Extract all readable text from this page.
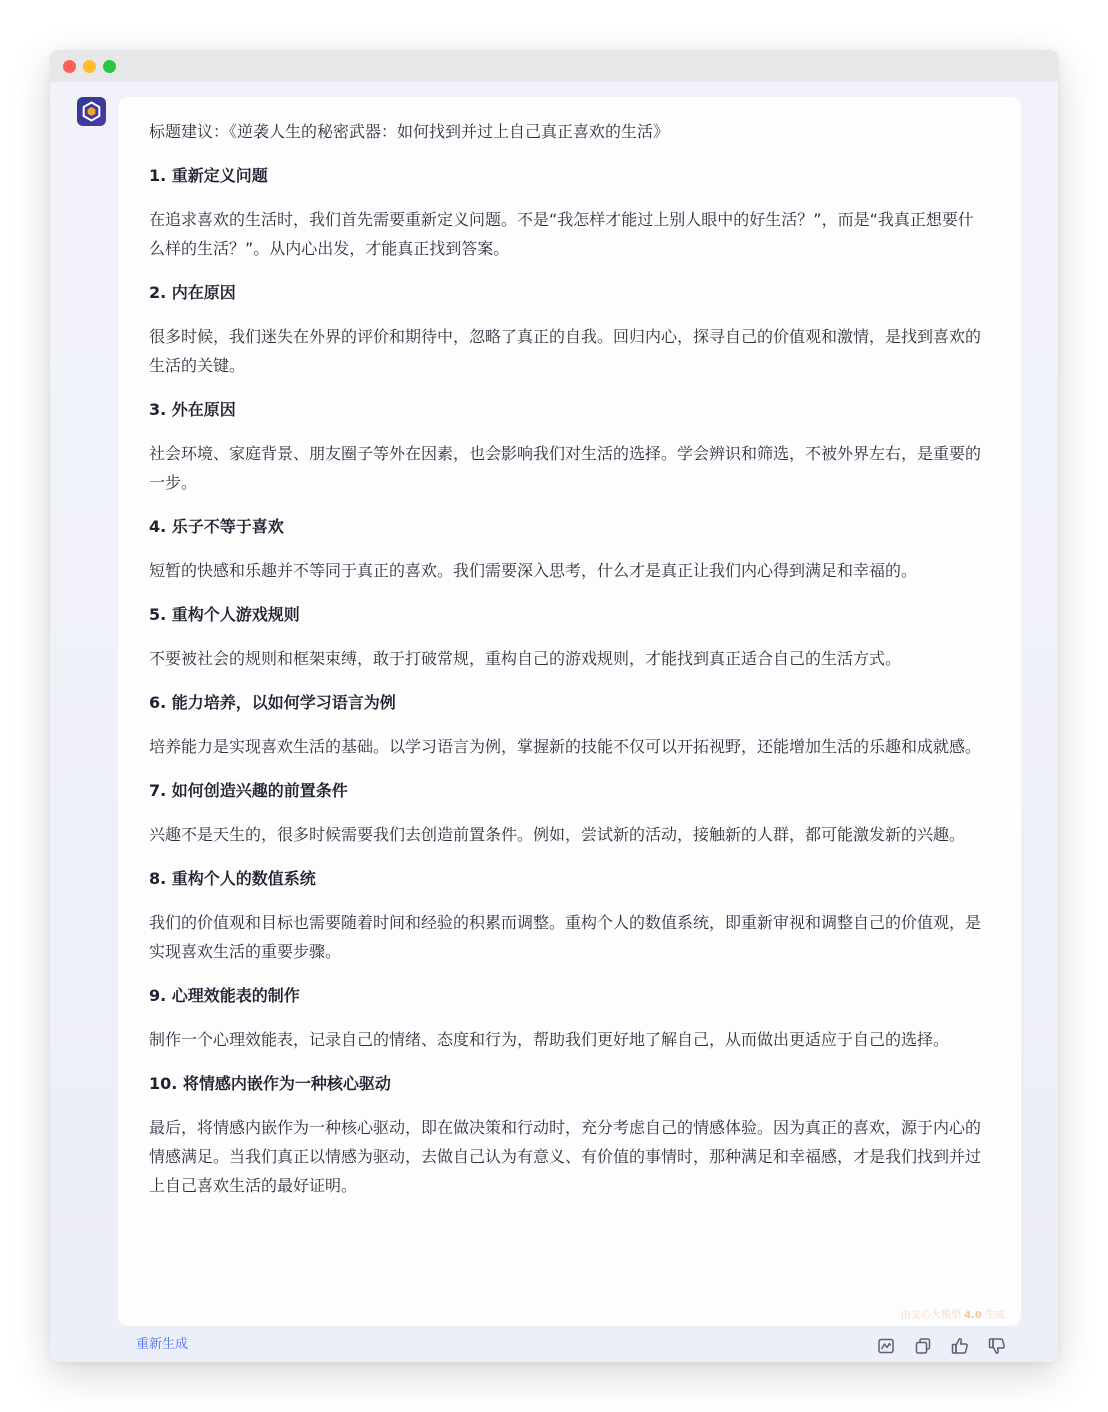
标题建议：《逆袭人生的秘密武器：如何找到并过上自己真正喜欢的生活》

1. 重新定义问题

在追求喜欢的生活时，我们首先需要重新定义问题。不是“我怎样才能过上别人眼中的好生活？”，而是“我真正想要什么样的生活？”。从内心出发，才能真正找到答案。

2. 内在原因

很多时候，我们迷失在外界的评价和期待中，忽略了真正的自我。回归内心，探寻自己的价值观和激情，是找到喜欢的生活的关键。

3. 外在原因

社会环境、家庭背景、朋友圈子等外在因素，也会影响我们对生活的选择。学会辨识和筛选，不被外界左右，是重要的一步。

4. 乐子不等于喜欢

短暂的快感和乐趣并不等同于真正的喜欢。我们需要深入思考，什么才是真正让我们内心得到满足和幸福的。

5. 重构个人游戏规则

不要被社会的规则和框架束缚，敢于打破常规，重构自己的游戏规则，才能找到真正适合自己的生活方式。

6. 能力培养，以如何学习语言为例

培养能力是实现喜欢生活的基础。以学习语言为例，掌握新的技能不仅可以开拓视野，还能增加生活的乐趣和成就感。

7. 如何创造兴趣的前置条件

兴趣不是天生的，很多时候需要我们去创造前置条件。例如，尝试新的活动，接触新的人群，都可能激发新的兴趣。

8. 重构个人的数值系统

我们的价值观和目标也需要随着时间和经验的积累而调整。重构个人的数值系统，即重新审视和调整自己的价值观，是实现喜欢生活的重要步骤。

9. 心理效能表的制作

制作一个心理效能表，记录自己的情绪、态度和行为，帮助我们更好地了解自己，从而做出更适应于自己的选择。

10. 将情感内嵌作为一种核心驱动

最后，将情感内嵌作为一种核心驱动，即在做决策和行动时，充分考虑自己的情感体验。因为真正的喜欢，源于内心的情感满足。当我们真正以情感为驱动，去做自己认为有意义、有价值的事情时，那种满足和幸福感，才是我们找到并过上自己喜欢生活的最好证明。

由文心大模型 4.0 生成
重新生成
